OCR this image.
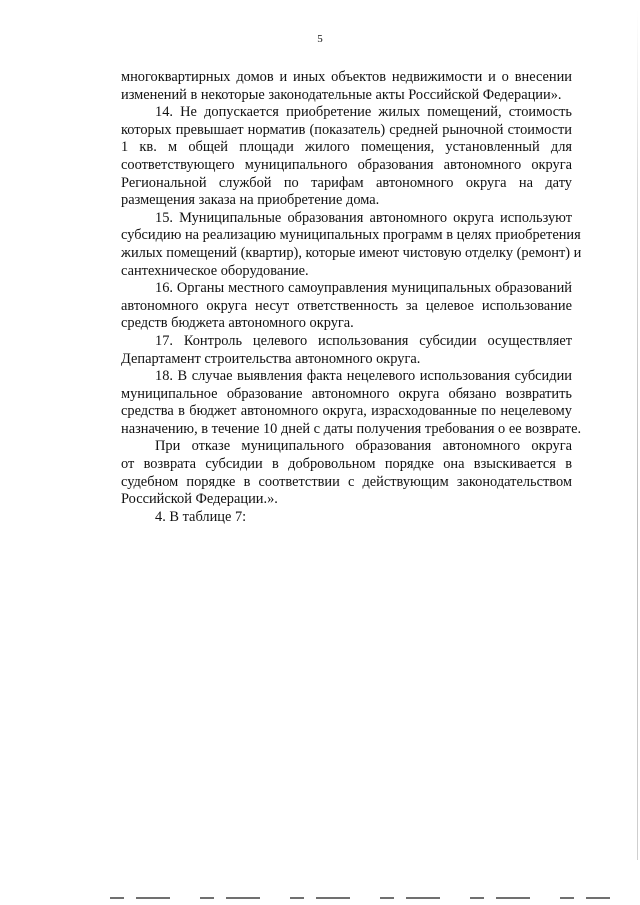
5
многоквартирных домов и иных объектов недвижимости и о внесении
изменений в некоторые законодательные акты Российской Федерации».
14. Не допускается приобретение жилых помещений, стоимость
которых превышает норматив (показатель) средней рыночной стоимости
1 кв. м общей площади жилого помещения, установленный для
соответствующего муниципального образования автономного округа
Региональной службой по тарифам автономного округа на дату
размещения заказа на приобретение дома.
15. Муниципальные образования автономного округа используют
субсидию на реализацию муниципальных программ в целях приобретения
жилых помещений (квартир), которые имеют чистовую отделку (ремонт) и
сантехническое оборудование.
16. Органы местного самоуправления муниципальных образований
автономного округа несут ответственность за целевое использование
средств бюджета автономного округа.
17. Контроль целевого использования субсидии осуществляет
Департамент строительства автономного округа.
18. В случае выявления факта нецелевого использования субсидии
муниципальное образование автономного округа обязано возвратить
средства в бюджет автономного округа, израсходованные по нецелевому
назначению, в течение 10 дней с даты получения требования о ее возврате.
При отказе муниципального образования автономного округа
от возврата субсидии в добровольном порядке она взыскивается в
судебном порядке в соответствии с действующим законодательством
Российской Федерации.».
4. В таблице 7:
